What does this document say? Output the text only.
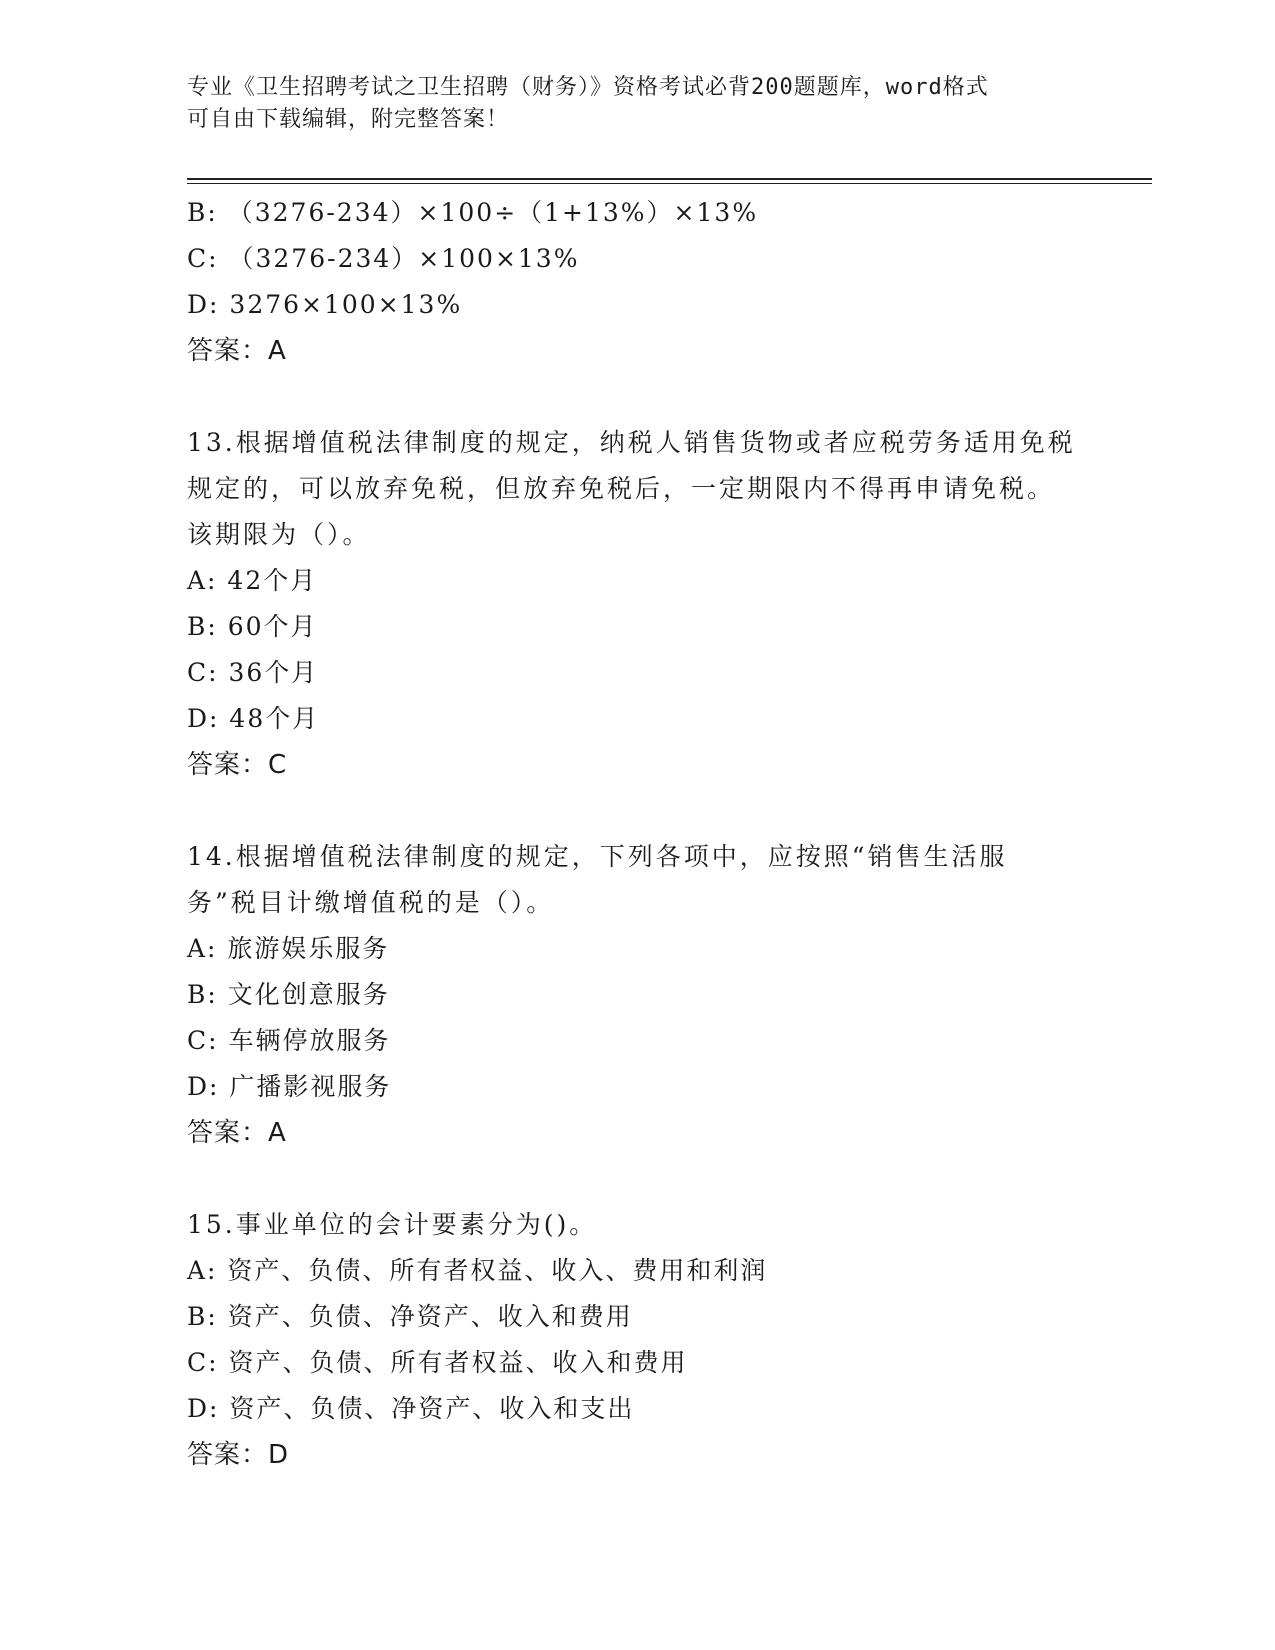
专业《卫生招聘考试之卫生招聘（财务）》资格考试必背200题题库，word格式
可自由下载编辑，附完整答案！
B: （3276-234）×100÷（1+13%）×13%
C: （3276-234）×100×13%
D: 3276×100×13%
答案：A
13.根据增值税法律制度的规定，纳税人销售货物或者应税劳务适用免税规定的，可以放弃免税，但放弃免税后，一定期限内不得再申请免税。该期限为（）。
A: 42个月
B: 60个月
C: 36个月
D: 48个月
答案：C
14.根据增值税法律制度的规定，下列各项中，应按照“销售生活服务”税目计缴增值税的是（）。
A: 旅游娱乐服务
B: 文化创意服务
C: 车辆停放服务
D: 广播影视服务
答案：A
15.事业单位的会计要素分为()。
A: 资产、负债、所有者权益、收入、费用和利润
B: 资产、负债、净资产、收入和费用
C: 资产、负债、所有者权益、收入和费用
D: 资产、负债、净资产、收入和支出
答案：D
